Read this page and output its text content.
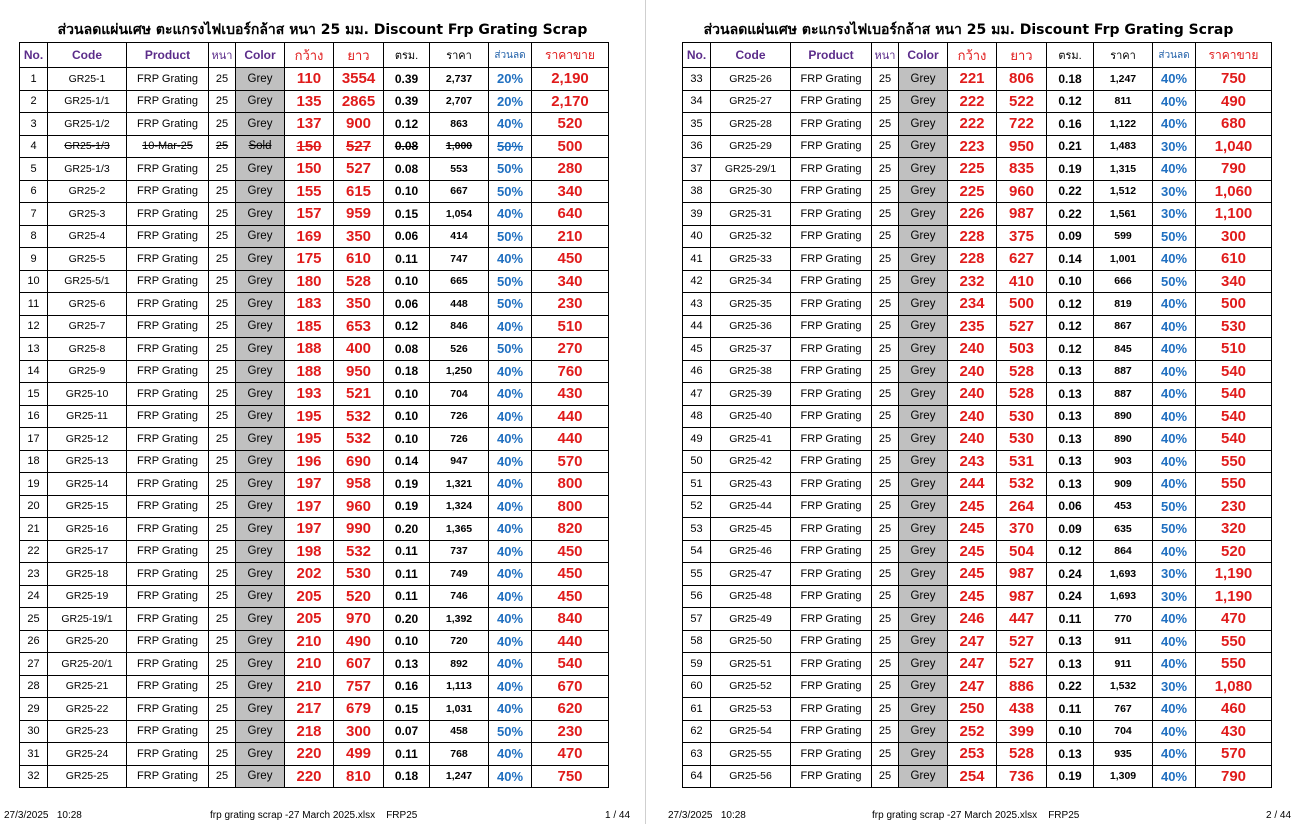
ส่วนลดแผ่นเศษ ตะแกรงไฟเบอร์กล้าส หนา 25 มม. Discount Frp Grating Scrap
No.	Code	Product	หนา	Color	กว้าง	ยาว	ตรม.	ราคา	ส่วนลด	ราคาขาย
1	GR25-1	FRP Grating	25	Grey	110	3554	0.39	2,737	20%	2,190
2	GR25-1/1	FRP Grating	25	Grey	135	2865	0.39	2,707	20%	2,170
3	GR25-1/2	FRP Grating	25	Grey	137	900	0.12	863	40%	520
4	GR25-1/3	10-Mar-25	25	Sold	150	527	0.08	1,000	50%	500
5	GR25-1/3	FRP Grating	25	Grey	150	527	0.08	553	50%	280
6	GR25-2	FRP Grating	25	Grey	155	615	0.10	667	50%	340
7	GR25-3	FRP Grating	25	Grey	157	959	0.15	1,054	40%	640
8	GR25-4	FRP Grating	25	Grey	169	350	0.06	414	50%	210
9	GR25-5	FRP Grating	25	Grey	175	610	0.11	747	40%	450
10	GR25-5/1	FRP Grating	25	Grey	180	528	0.10	665	50%	340
11	GR25-6	FRP Grating	25	Grey	183	350	0.06	448	50%	230
12	GR25-7	FRP Grating	25	Grey	185	653	0.12	846	40%	510
13	GR25-8	FRP Grating	25	Grey	188	400	0.08	526	50%	270
14	GR25-9	FRP Grating	25	Grey	188	950	0.18	1,250	40%	760
15	GR25-10	FRP Grating	25	Grey	193	521	0.10	704	40%	430
16	GR25-11	FRP Grating	25	Grey	195	532	0.10	726	40%	440
17	GR25-12	FRP Grating	25	Grey	195	532	0.10	726	40%	440
18	GR25-13	FRP Grating	25	Grey	196	690	0.14	947	40%	570
19	GR25-14	FRP Grating	25	Grey	197	958	0.19	1,321	40%	800
20	GR25-15	FRP Grating	25	Grey	197	960	0.19	1,324	40%	800
21	GR25-16	FRP Grating	25	Grey	197	990	0.20	1,365	40%	820
22	GR25-17	FRP Grating	25	Grey	198	532	0.11	737	40%	450
23	GR25-18	FRP Grating	25	Grey	202	530	0.11	749	40%	450
24	GR25-19	FRP Grating	25	Grey	205	520	0.11	746	40%	450
25	GR25-19/1	FRP Grating	25	Grey	205	970	0.20	1,392	40%	840
26	GR25-20	FRP Grating	25	Grey	210	490	0.10	720	40%	440
27	GR25-20/1	FRP Grating	25	Grey	210	607	0.13	892	40%	540
28	GR25-21	FRP Grating	25	Grey	210	757	0.16	1,113	40%	670
29	GR25-22	FRP Grating	25	Grey	217	679	0.15	1,031	40%	620
30	GR25-23	FRP Grating	25	Grey	218	300	0.07	458	50%	230
31	GR25-24	FRP Grating	25	Grey	220	499	0.11	768	40%	470
32	GR25-25	FRP Grating	25	Grey	220	810	0.18	1,247	40%	750
27/3/2025 10:28	frp grating scrap -27 March 2025.xlsx FRP25	1 / 44
ส่วนลดแผ่นเศษ ตะแกรงไฟเบอร์กล้าส หนา 25 มม. Discount Frp Grating Scrap
No.	Code	Product	หนา	Color	กว้าง	ยาว	ตรม.	ราคา	ส่วนลด	ราคาขาย
33	GR25-26	FRP Grating	25	Grey	221	806	0.18	1,247	40%	750
34	GR25-27	FRP Grating	25	Grey	222	522	0.12	811	40%	490
35	GR25-28	FRP Grating	25	Grey	222	722	0.16	1,122	40%	680
36	GR25-29	FRP Grating	25	Grey	223	950	0.21	1,483	30%	1,040
37	GR25-29/1	FRP Grating	25	Grey	225	835	0.19	1,315	40%	790
38	GR25-30	FRP Grating	25	Grey	225	960	0.22	1,512	30%	1,060
39	GR25-31	FRP Grating	25	Grey	226	987	0.22	1,561	30%	1,100
40	GR25-32	FRP Grating	25	Grey	228	375	0.09	599	50%	300
41	GR25-33	FRP Grating	25	Grey	228	627	0.14	1,001	40%	610
42	GR25-34	FRP Grating	25	Grey	232	410	0.10	666	50%	340
43	GR25-35	FRP Grating	25	Grey	234	500	0.12	819	40%	500
44	GR25-36	FRP Grating	25	Grey	235	527	0.12	867	40%	530
45	GR25-37	FRP Grating	25	Grey	240	503	0.12	845	40%	510
46	GR25-38	FRP Grating	25	Grey	240	528	0.13	887	40%	540
47	GR25-39	FRP Grating	25	Grey	240	528	0.13	887	40%	540
48	GR25-40	FRP Grating	25	Grey	240	530	0.13	890	40%	540
49	GR25-41	FRP Grating	25	Grey	240	530	0.13	890	40%	540
50	GR25-42	FRP Grating	25	Grey	243	531	0.13	903	40%	550
51	GR25-43	FRP Grating	25	Grey	244	532	0.13	909	40%	550
52	GR25-44	FRP Grating	25	Grey	245	264	0.06	453	50%	230
53	GR25-45	FRP Grating	25	Grey	245	370	0.09	635	50%	320
54	GR25-46	FRP Grating	25	Grey	245	504	0.12	864	40%	520
55	GR25-47	FRP Grating	25	Grey	245	987	0.24	1,693	30%	1,190
56	GR25-48	FRP Grating	25	Grey	245	987	0.24	1,693	30%	1,190
57	GR25-49	FRP Grating	25	Grey	246	447	0.11	770	40%	470
58	GR25-50	FRP Grating	25	Grey	247	527	0.13	911	40%	550
59	GR25-51	FRP Grating	25	Grey	247	527	0.13	911	40%	550
60	GR25-52	FRP Grating	25	Grey	247	886	0.22	1,532	30%	1,080
61	GR25-53	FRP Grating	25	Grey	250	438	0.11	767	40%	460
62	GR25-54	FRP Grating	25	Grey	252	399	0.10	704	40%	430
63	GR25-55	FRP Grating	25	Grey	253	528	0.13	935	40%	570
64	GR25-56	FRP Grating	25	Grey	254	736	0.19	1,309	40%	790
27/3/2025 10:28	frp grating scrap -27 March 2025.xlsx FRP25	2 / 44
